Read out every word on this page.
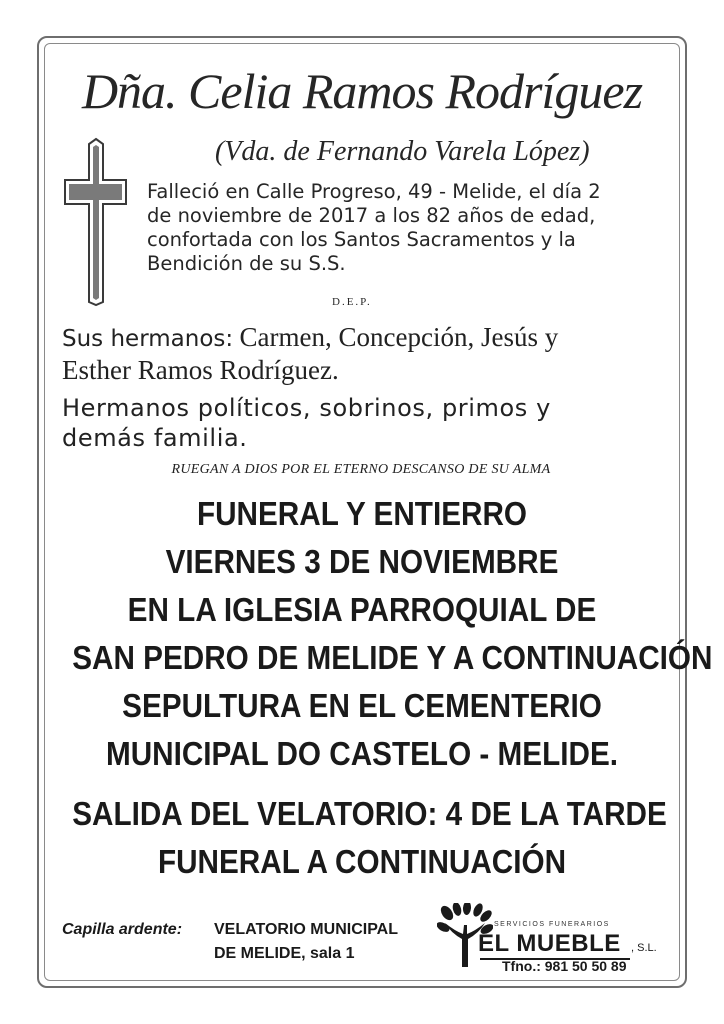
Dña. Celia Ramos Rodríguez
(Vda. de Fernando Varela López)
Falleció en Calle Progreso, 49 - Melide, el día 2
de noviembre de 2017 a los 82 años de edad,
confortada con los Santos Sacramentos y la
Bendición de su S.S.
D.E.P.
Sus hermanos: Carmen, Concepción, Jesús y
Esther Ramos Rodríguez.
Hermanos políticos, sobrinos, primos y
demás familia.
RUEGAN A DIOS POR EL ETERNO DESCANSO DE SU ALMA
FUNERAL Y ENTIERRO
VIERNES 3 DE NOVIEMBRE
EN LA IGLESIA PARROQUIAL DE
SAN PEDRO DE MELIDE Y A CONTINUACIÓN
SEPULTURA EN EL CEMENTERIO
MUNICIPAL DO CASTELO - MELIDE.
SALIDA DEL VELATORIO: 4 DE LA TARDE
FUNERAL A CONTINUACIÓN
Capilla ardente: VELATORIO MUNICIPAL
DE MELIDE, sala 1
SERVICIOS FUNERARIOS
EL MUEBLE , S.L.
Tfno.: 981 50 50 89
